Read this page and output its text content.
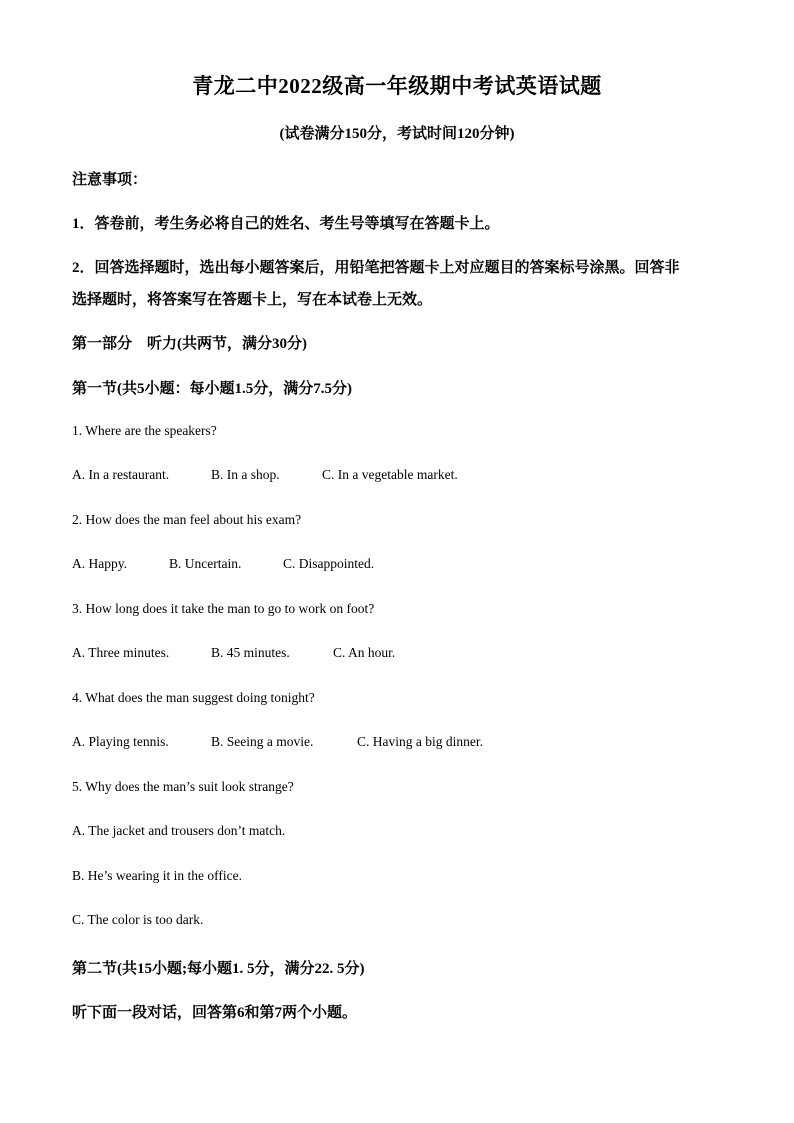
青龙二中2022级高一年级期中考试英语试题
(试卷满分150分，考试时间120分钟)
注意事项：
1．答卷前，考生务必将自己的姓名、考生号等填写在答题卡上。
2．回答选择题时，选出每小题答案后，用铅笔把答题卡上对应题目的答案标号涂黑。回答非
选择题时，将答案写在答题卡上，写在本试卷上无效。
第一部分　听力(共两节，满分30分)
第一节(共5小题：每小题1.5分，满分7.5分)
1. Where are the speakers?
A. In a restaurant.	B. In a shop.	C. In a vegetable market.
2. How does the man feel about his exam?
A. Happy.	B. Uncertain.	C. Disappointed.
3. How long does it take the man to go to work on foot?
A. Three minutes.	B. 45 minutes.	C. An hour.
4. What does the man suggest doing tonight?
A. Playing tennis.	B. Seeing a movie.	C. Having a big dinner.
5. Why does the man’s suit look strange?
A. The jacket and trousers don’t match.
B. He’s wearing it in the office.
C. The color is too dark.
第二节(共15小题;每小题1. 5分，满分22. 5分)
听下面一段对话，回答第6和第7两个小题。
